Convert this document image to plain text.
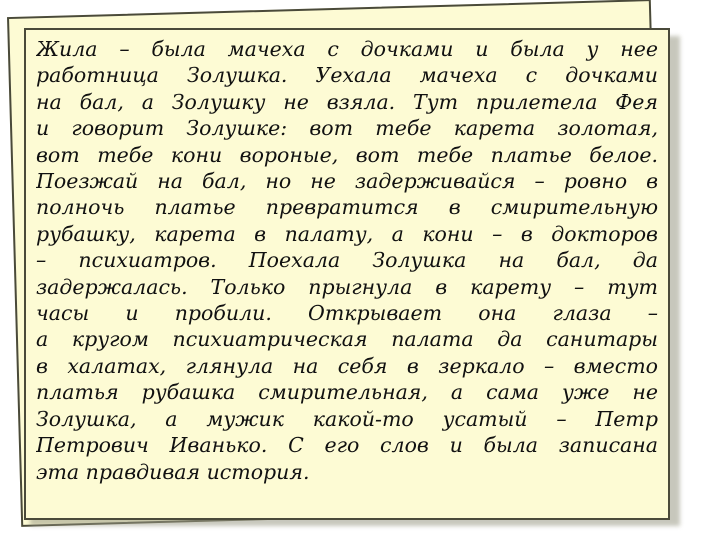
Жила – была мачеха с дочками и была у нее
работница Золушка. Уехала мачеха с дочками
на бал, а Золушку не взяла. Тут прилетела Фея
и говорит Золушке: вот тебе карета золотая,
вот тебе кони вороные, вот тебе платье белое.
Поезжай на бал, но не задерживайся – ровно в
полночь платье превратится в смирительную
рубашку, карета в палату, а кони – в докторов
– психиатров. Поехала Золушка на бал, да
задержалась. Только прыгнула в карету – тут
часы и пробили. Открывает она глаза –
а кругом психиатрическая палата да санитары
в халатах, глянула на себя в зеркало – вместо
платья рубашка смирительная, а сама уже не
Золушка, а мужик какой-то усатый – Петр
Петрович Иванько. С его слов и была записана
эта правдивая история.
